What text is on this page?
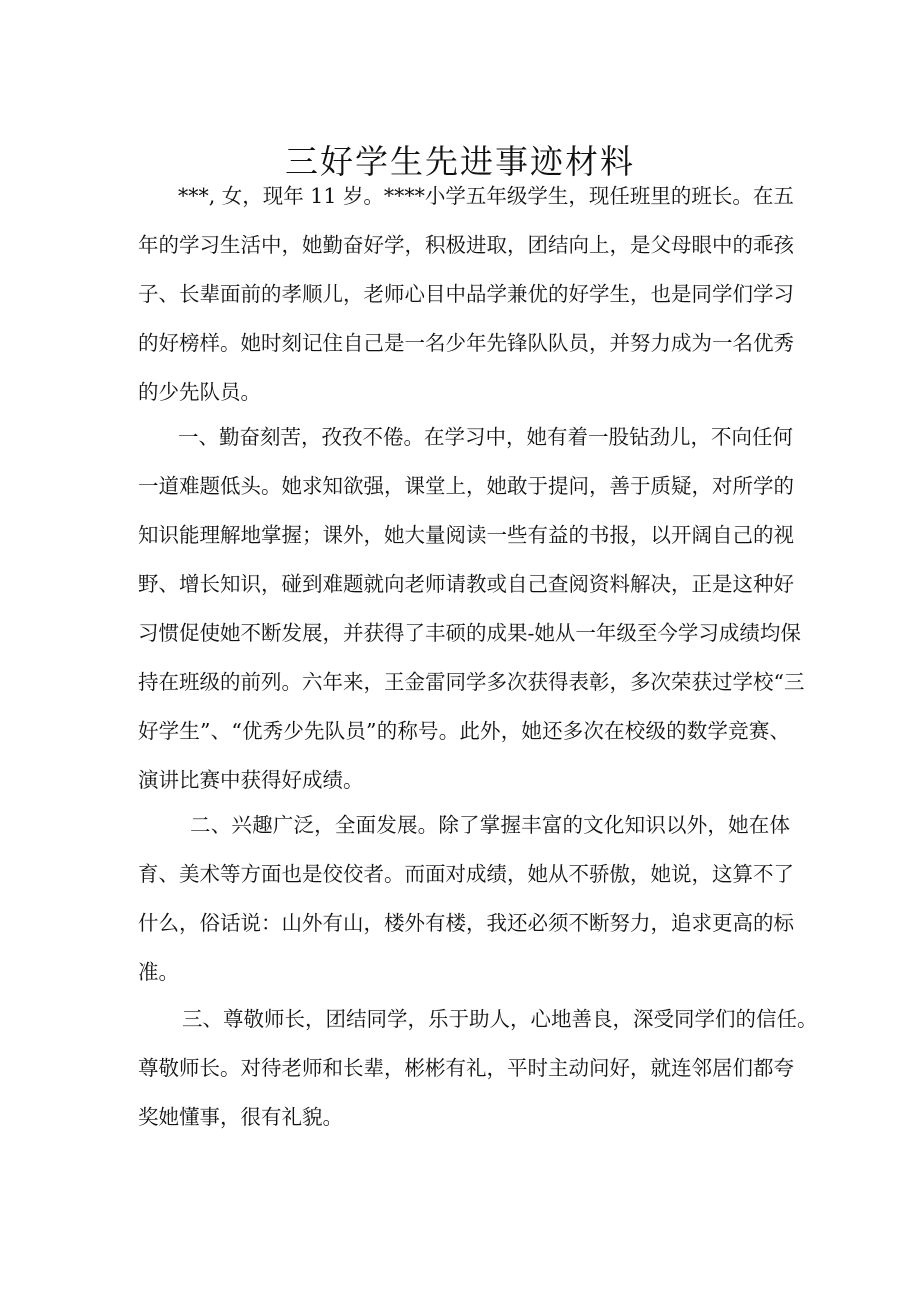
三好学生先进事迹材料
***, 女，现年 11 岁。****小学五年级学生，现任班里的班长。在五
年的学习生活中，她勤奋好学，积极进取，团结向上，是父母眼中的乖孩
子、长辈面前的孝顺儿，老师心目中品学兼优的好学生，也是同学们学习
的好榜样。她时刻记住自己是一名少年先锋队队员，并努力成为一名优秀
的少先队员。
一、勤奋刻苦，孜孜不倦。在学习中，她有着一股钻劲儿，不向任何
一道难题低头。她求知欲强，课堂上，她敢于提问，善于质疑，对所学的
知识能理解地掌握；课外，她大量阅读一些有益的书报，以开阔自己的视
野、增长知识，碰到难题就向老师请教或自己查阅资料解决，正是这种好
习惯促使她不断发展，并获得了丰硕的成果-她从一年级至今学习成绩均保
持在班级的前列。六年来，王金雷同学多次获得表彰，多次荣获过学校“三
好学生”、“优秀少先队员”的称号。此外，她还多次在校级的数学竞赛、
演讲比赛中获得好成绩。
二、兴趣广泛，全面发展。除了掌握丰富的文化知识以外，她在体
育、美术等方面也是佼佼者。而面对成绩，她从不骄傲，她说，这算不了
什么，俗话说：山外有山，楼外有楼，我还必须不断努力，追求更高的标
准。
三、尊敬师长，团结同学，乐于助人，心地善良，深受同学们的信任。
尊敬师长。对待老师和长辈，彬彬有礼，平时主动问好，就连邻居们都夸
奖她懂事，很有礼貌。
